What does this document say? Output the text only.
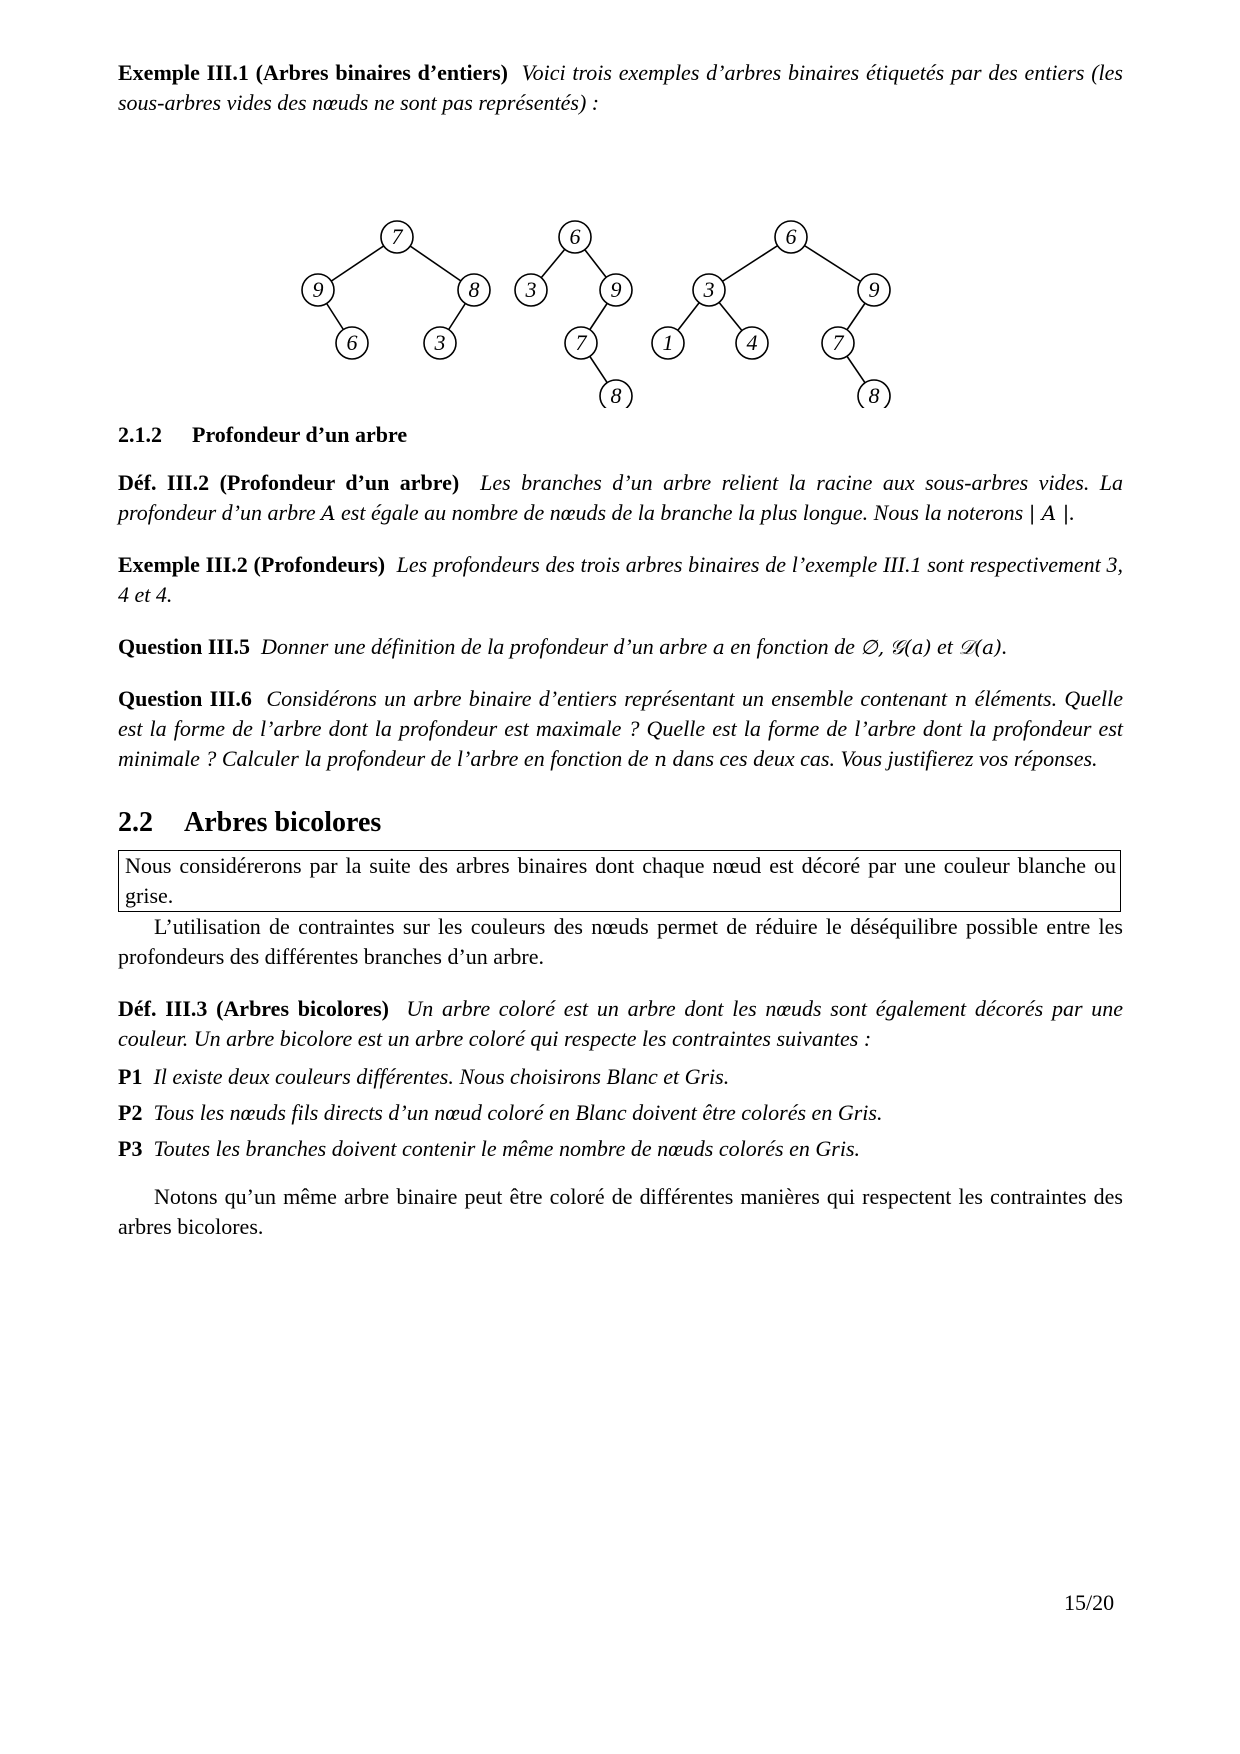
Exemple III.1 (Arbres binaires d’entiers) Voici trois exemples d’arbres binaires étiquetés par des entiers (les sous-arbres vides des nœuds ne sont pas représentés) :

7
9	8
6	3
6
3	9
7
8
6
3	9
1	4	7
8
2.1.2 Profondeur d’un arbre

Déf. III.2 (Profondeur d’un arbre) Les branches d’un arbre relient la racine aux sous-arbres vides. La profondeur d’un arbre A est égale au nombre de nœuds de la branche la plus longue. Nous la noterons | A |.

Exemple III.2 (Profondeurs) Les profondeurs des trois arbres binaires de l’exemple III.1 sont respectivement 3, 4 et 4.

Question III.5 Donner une définition de la profondeur d’un arbre a en fonction de ∅, 𝒢(a) et 𝒟(a).

Question III.6 Considérons un arbre binaire d’entiers représentant un ensemble contenant n éléments. Quelle est la forme de l’arbre dont la profondeur est maximale ? Quelle est la forme de l’arbre dont la profondeur est minimale ? Calculer la profondeur de l’arbre en fonction de n dans ces deux cas. Vous justifierez vos réponses.

2.2 Arbres bicolores

Nous considérerons par la suite des arbres binaires dont chaque nœud est décoré par une couleur blanche ou grise.

L’utilisation de contraintes sur les couleurs des nœuds permet de réduire le déséquilibre possible entre les profondeurs des différentes branches d’un arbre.

Déf. III.3 (Arbres bicolores) Un arbre coloré est un arbre dont les nœuds sont également décorés par une couleur. Un arbre bicolore est un arbre coloré qui respecte les contraintes suivantes :

P1 Il existe deux couleurs différentes. Nous choisirons Blanc et Gris.

P2 Tous les nœuds fils directs d’un nœud coloré en Blanc doivent être colorés en Gris.

P3 Toutes les branches doivent contenir le même nombre de nœuds colorés en Gris.

Notons qu’un même arbre binaire peut être coloré de différentes manières qui respectent les contraintes des arbres bicolores.

15/20
